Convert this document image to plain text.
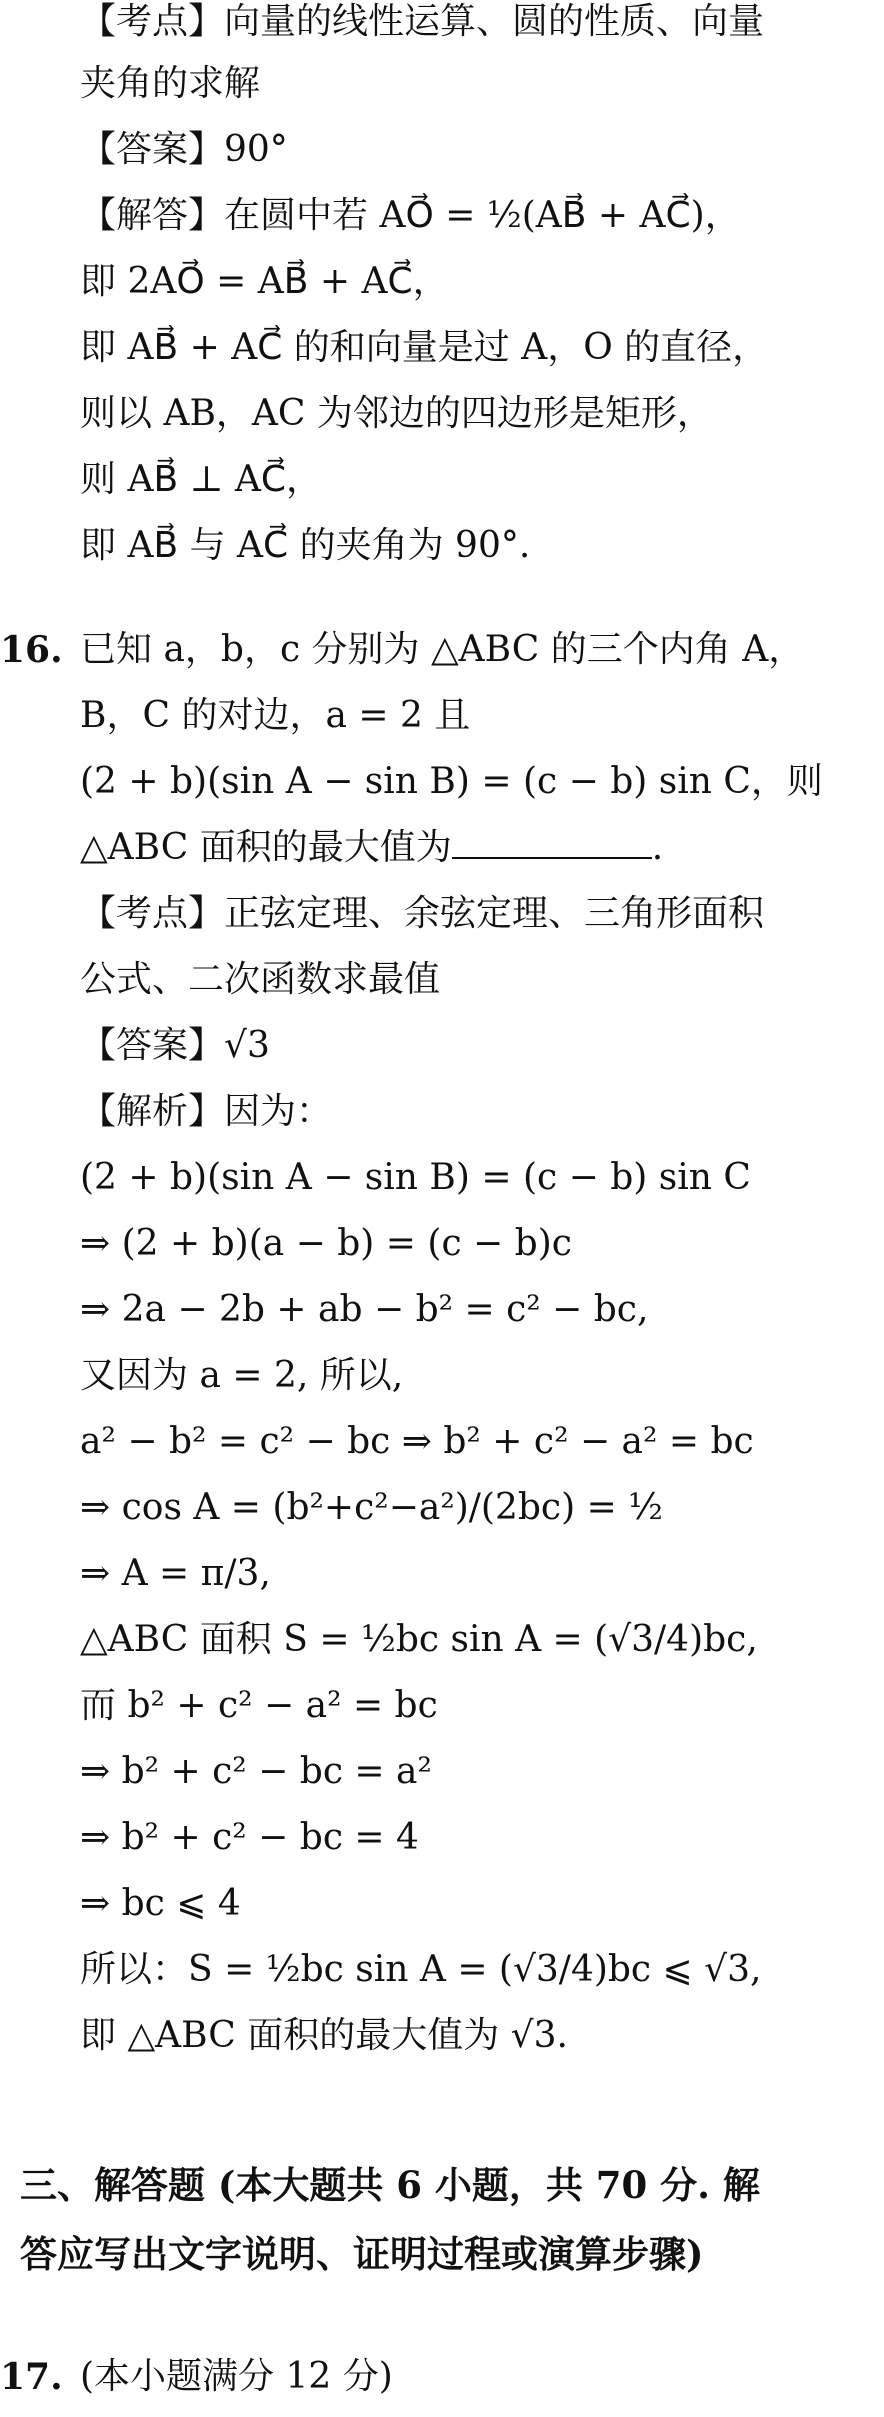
【考点】向量的线性运算、圆的性质、向量
夹角的求解
【答案】90°
【解答】在圆中若 AO⃗ = ½(AB⃗ + AC⃗)，
即 2AO⃗ = AB⃗ + AC⃗，
即 AB⃗ + AC⃗ 的和向量是过 A，O 的直径，
则以 AB，AC 为邻边的四边形是矩形，
则 AB⃗ ⊥ AC⃗，
即 AB⃗ 与 AC⃗ 的夹角为 90°.
16. 已知 a，b，c 分别为 △ABC 的三个内角 A，
B，C 的对边，a = 2 且
(2 + b)(sin A − sin B) = (c − b) sin C，则
△ABC 面积的最大值为	.
【考点】正弦定理、余弦定理、三角形面积
公式、二次函数求最值
【答案】√3
【解析】因为：
(2 + b)(sin A − sin B) = (c − b) sin C
⇒ (2 + b)(a − b) = (c − b)c
⇒ 2a − 2b + ab − b² = c² − bc,
又因为 a = 2, 所以,
a² − b² = c² − bc ⇒ b² + c² − a² = bc
⇒ cos A = (b²+c²−a²)/(2bc) = ½
⇒ A = π/3,
△ABC 面积 S = ½bc sin A = (√3/4)bc,
而 b² + c² − a² = bc
⇒ b² + c² − bc = a²
⇒ b² + c² − bc = 4
⇒ bc ⩽ 4
所以：S = ½bc sin A = (√3/4)bc ⩽ √3,
即 △ABC 面积的最大值为 √3.
三、解答题 (本大题共 6 小题，共 70 分. 解
答应写出文字说明、证明过程或演算步骤)
17. (本小题满分 12 分)
